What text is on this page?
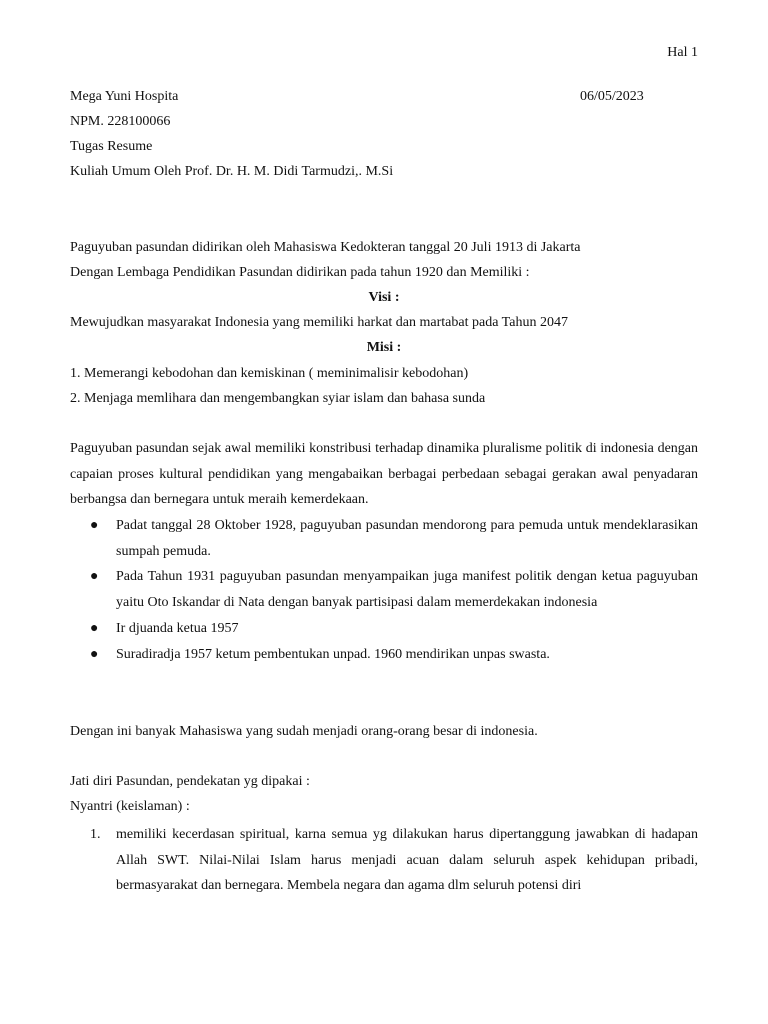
Hal 1
Mega Yuni Hospita	06/05/2023
NPM. 228100066
Tugas Resume
Kuliah Umum Oleh Prof. Dr. H. M. Didi Tarmudzi,. M.Si
Paguyuban pasundan didirikan oleh Mahasiswa Kedokteran tanggal 20 Juli 1913 di Jakarta
Dengan Lembaga Pendidikan Pasundan didirikan pada tahun 1920 dan Memiliki :
Visi :
Mewujudkan masyarakat Indonesia yang memiliki harkat dan martabat pada Tahun 2047
Misi :
1. Memerangi kebodohan dan kemiskinan ( meminimalisir kebodohan)
2. Menjaga memlihara dan mengembangkan syiar islam dan bahasa sunda
Paguyuban pasundan sejak awal memiliki konstribusi terhadap dinamika pluralisme politik di indonesia dengan capaian proses kultural pendidikan yang mengabaikan berbagai perbedaan sebagai gerakan awal penyadaran berbangsa dan bernegara untuk meraih kemerdekaan.
● Padat tanggal 28 Oktober 1928, paguyuban pasundan mendorong para pemuda untuk mendeklarasikan sumpah pemuda.
● Pada Tahun 1931 paguyuban pasundan menyampaikan juga manifest politik dengan ketua paguyuban yaitu Oto Iskandar di Nata dengan banyak partisipasi dalam memerdekakan indonesia
● Ir djuanda ketua 1957
● Suradiradja 1957 ketum pembentukan unpad. 1960 mendirikan unpas swasta.
Dengan ini banyak Mahasiswa yang sudah menjadi orang-orang besar di indonesia.
Jati diri Pasundan, pendekatan yg dipakai :
Nyantri (keislaman) :
1. memiliki kecerdasan spiritual, karna semua yg dilakukan harus dipertanggung jawabkan di hadapan Allah SWT. Nilai-Nilai Islam harus menjadi acuan dalam seluruh aspek kehidupan pribadi, bermasyarakat dan bernegara. Membela negara dan agama dlm seluruh potensi diri
